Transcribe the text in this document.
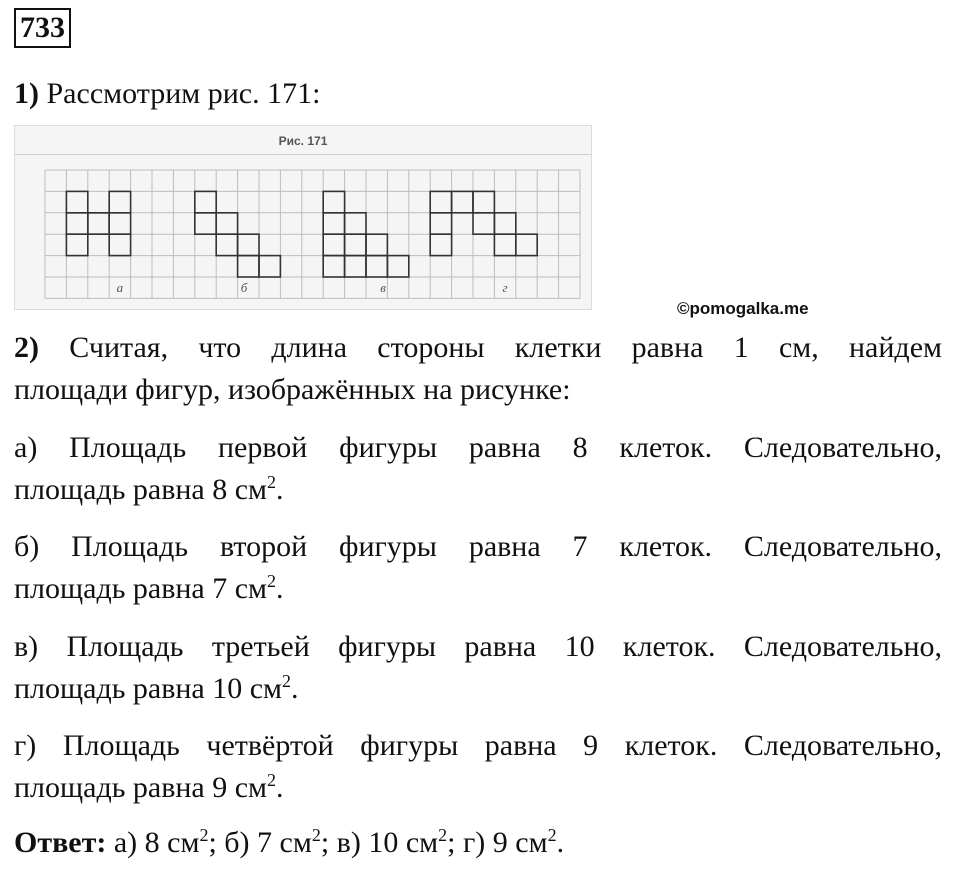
733
1) Рассмотрим рис. 171:
Рис. 171
а	б	в	г
©pomogalka.me
2) Считая, что длина стороны клетки равна 1 см, найдем
площади фигур, изображённых на рисунке:
а) Площадь первой фигуры равна 8 клеток. Следовательно,
площадь равна 8 $см^2$.
б) Площадь второй фигуры равна 7 клеток. Следовательно,
площадь равна 7 $см^2$.
в) Площадь третьей фигуры равна 10 клеток. Следовательно,
площадь равна 10 $см^2$.
г) Площадь четвёртой фигуры равна 9 клеток. Следовательно,
площадь равна 9 $см^2$.
Ответ: а) 8 $см^2$; б) 7 $см^2$; в) 10 $см^2$; г) 9 $см^2$.
